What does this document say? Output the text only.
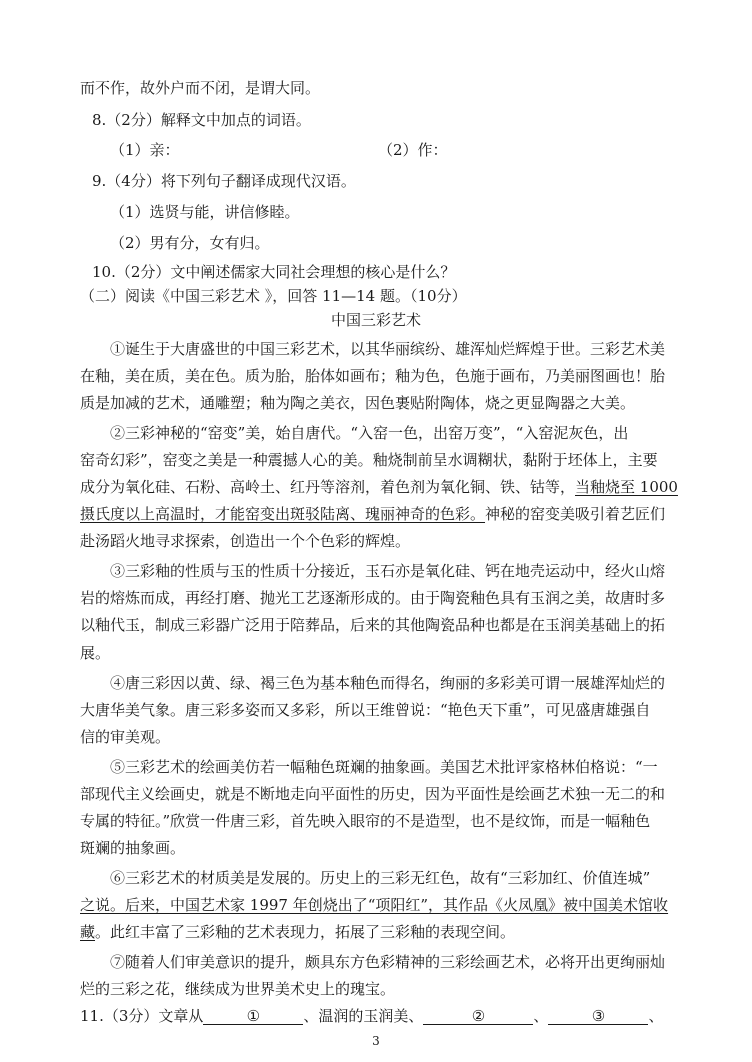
而不作，故外户而不闭，是谓大同。
8.（2分）解释文中加点的词语。
（1）亲：	（2）作：
9.（4分）将下列句子翻译成现代汉语。
（1）选贤与能，讲信修睦。
（2）男有分，女有归。
10.（2分）文中阐述儒家大同社会理想的核心是什么？
（二）阅读《中国三彩艺术 》，回答 11—14 题。（10分）
中国三彩艺术
①诞生于大唐盛世的中国三彩艺术，以其华丽缤纷、雄浑灿烂辉煌于世。三彩艺术美
在釉，美在质，美在色。质为胎，胎体如画布；釉为色，色施于画布，乃美丽图画也！胎
质是加减的艺术，通雕塑；釉为陶之美衣，因色裹贴附陶体，烧之更显陶器之大美。
②三彩神秘的“窑变”美，始自唐代。“入窑一色，出窑万变”，“入窑泥灰色，出
窑奇幻彩”，窑变之美是一种震撼人心的美。釉烧制前呈水调糊状，黏附于坯体上，主要
成分为氧化硅、石粉、高岭土、红丹等溶剂，着色剂为氧化铜、铁、钴等，当釉烧至 1000
摄氏度以上高温时，才能窑变出斑驳陆离、瑰丽神奇的色彩。神秘的窑变美吸引着艺匠们
赴汤蹈火地寻求探索，创造出一个个色彩的辉煌。
③三彩釉的性质与玉的性质十分接近，玉石亦是氧化硅、钙在地壳运动中，经火山熔
岩的熔炼而成，再经打磨、抛光工艺逐渐形成的。由于陶瓷釉色具有玉润之美，故唐时多
以釉代玉，制成三彩器广泛用于陪葬品，后来的其他陶瓷品种也都是在玉润美基础上的拓
展。
④唐三彩因以黄、绿、褐三色为基本釉色而得名，绚丽的多彩美可谓一展雄浑灿烂的
大唐华美气象。唐三彩多姿而又多彩，所以王维曾说：“艳色天下重”，可见盛唐雄强自
信的审美观。
⑤三彩艺术的绘画美仿若一幅釉色斑斓的抽象画。美国艺术批评家格林伯格说：“一
部现代主义绘画史，就是不断地走向平面性的历史，因为平面性是绘画艺术独一无二的和
专属的特征。”欣赏一件唐三彩，首先映入眼帘的不是造型，也不是纹饰，而是一幅釉色
斑斓的抽象画。
⑥三彩艺术的材质美是发展的。历史上的三彩无红色，故有“三彩加红、价值连城”
之说。后来，中国艺术家 1997 年创烧出了“项阳红”，其作品《火凤凰》被中国美术馆收
藏。此红丰富了三彩釉的艺术表现力，拓展了三彩釉的表现空间。
⑦随着人们审美意识的提升，颇具东方色彩精神的三彩绘画艺术，必将开出更绚丽灿
烂的三彩之花，继续成为世界美术史上的瑰宝。
11.（3分）文章从	①	、温润的玉润美、	②	、	③	、
3
